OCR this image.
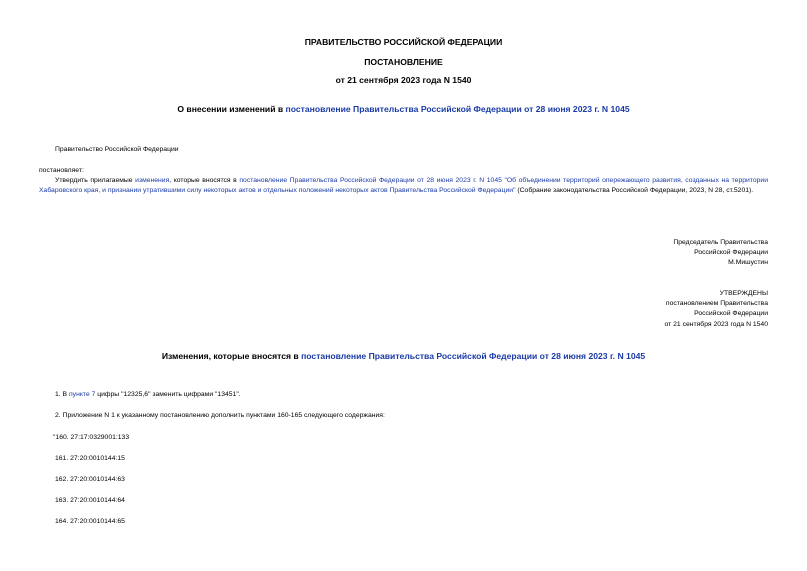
ПРАВИТЕЛЬСТВО РОССИЙСКОЙ ФЕДЕРАЦИИ
ПОСТАНОВЛЕНИЕ
от 21 сентября 2023 года N 1540
О внесении изменений в постановление Правительства Российской Федерации от 28 июня 2023 г. N 1045
Правительство Российской Федерации
постановляет:
Утвердить прилагаемые изменения, которые вносятся в постановление Правительства Российской Федерации от 28 июня 2023 г. N 1045 "Об объединении территорий опережающего развития, созданных на территории Хабаровского края, и признании утратившими силу некоторых актов и отдельных положений некоторых актов Правительства Российской Федерации" (Собрание законодательства Российской Федерации, 2023, N 28, ст.5201).
Председатель Правительства
Российской Федерации
М.Мишустин
УТВЕРЖДЕНЫ
постановлением Правительства
Российской Федерации
от 21 сентября 2023 года N 1540
Изменения, которые вносятся в постановление Правительства Российской Федерации от 28 июня 2023 г. N 1045
1. В пункте 7 цифры "12325,6" заменить цифрами "13451".
2. Приложение N 1 к указанному постановлению дополнить пунктами 160-165 следующего содержания:
"160. 27:17:0329001:133
161. 27:20:0010144:15
162. 27:20:0010144:63
163. 27:20:0010144:64
164. 27:20:0010144:65
